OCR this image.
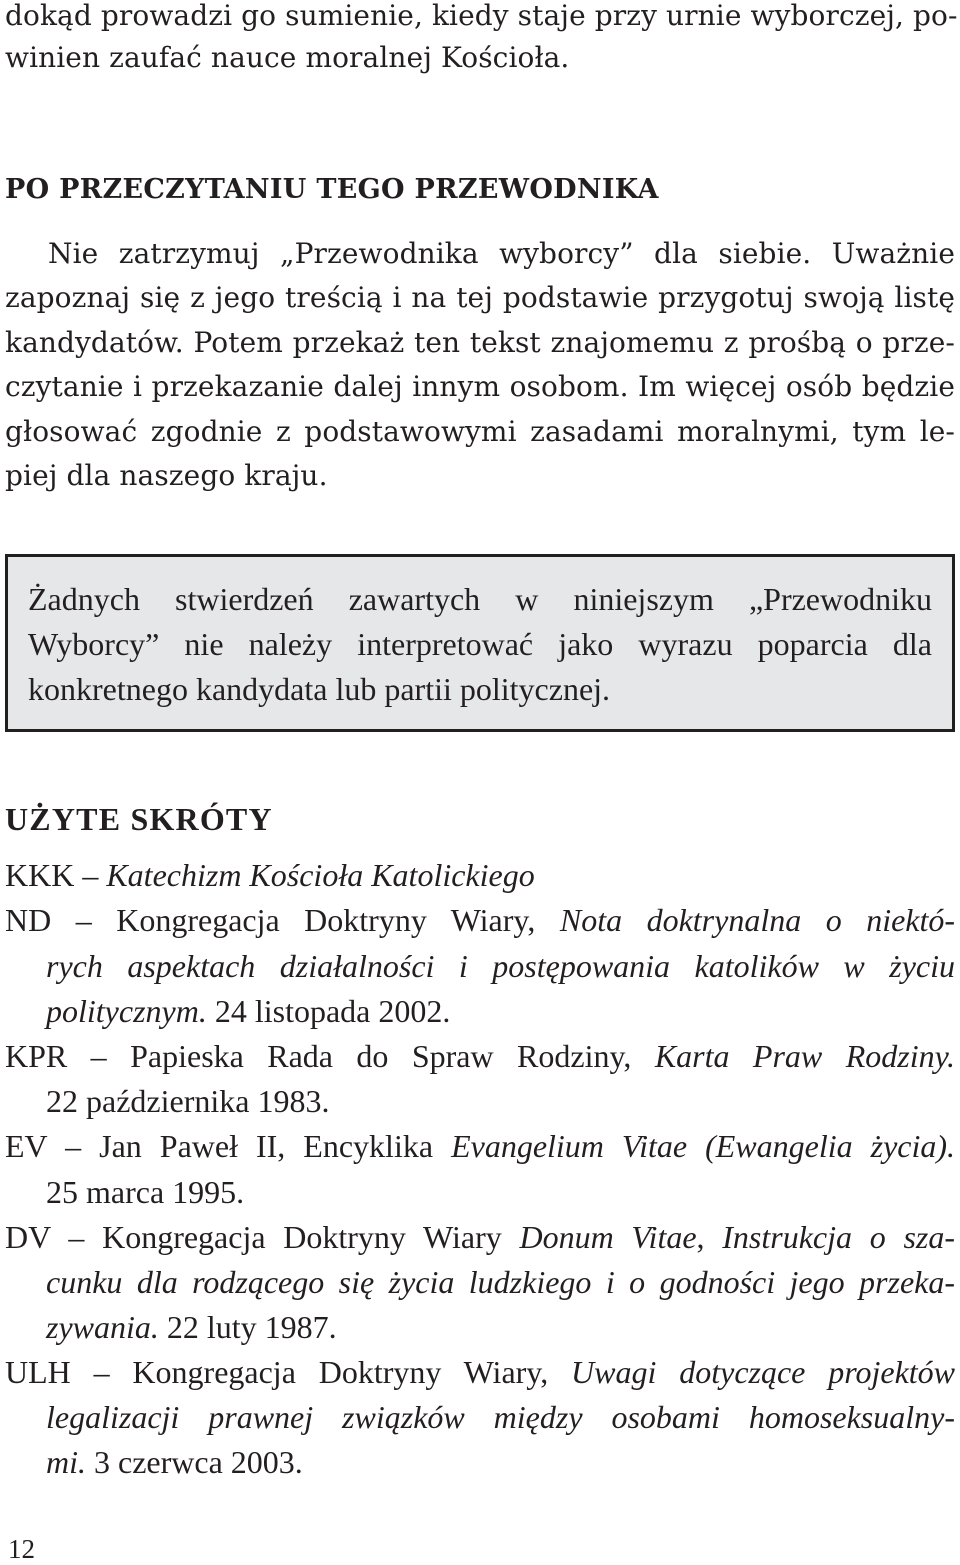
dokąd prowadzi go sumienie, kiedy staje przy urnie wyborczej, po-
winien zaufać nauce moralnej Kościoła.
PO PRZECZYTANIU TEGO PRZEWODNIKA
Nie zatrzymuj „Przewodnika wyborcy” dla siebie. Uważnie
zapoznaj się z jego treścią i na tej podstawie przygotuj swoją listę
kandydatów. Potem przekaż ten tekst znajomemu z prośbą o prze-
czytanie i przekazanie dalej innym osobom. Im więcej osób będzie
głosować zgodnie z podstawowymi zasadami moralnymi, tym le-
piej dla naszego kraju.
Żadnych stwierdzeń zawartych w niniejszym „Przewodniku
Wyborcy” nie należy interpretować jako wyrazu poparcia dla
konkretnego kandydata lub partii politycznej.
UŻYTE SKRÓTY
KKK – Katechizm Kościoła Katolickiego
ND – Kongregacja Doktryny Wiary, Nota doktrynalna o niektó-
rych aspektach działalności i postępowania katolików w życiu
politycznym. 24 listopada 2002.
KPR – Papieska Rada do Spraw Rodziny, Karta Praw Rodziny.
22 października 1983.
EV – Jan Paweł II, Encyklika Evangelium Vitae (Ewangelia życia).
25 marca 1995.
DV – Kongregacja Doktryny Wiary Donum Vitae, Instrukcja o sza-
cunku dla rodzącego się życia ludzkiego i o godności jego przeka-
zywania. 22 luty 1987.
ULH – Kongregacja Doktryny Wiary, Uwagi dotyczące projektów
legalizacji prawnej związków między osobami homoseksualny-
mi. 3 czerwca 2003.
12
